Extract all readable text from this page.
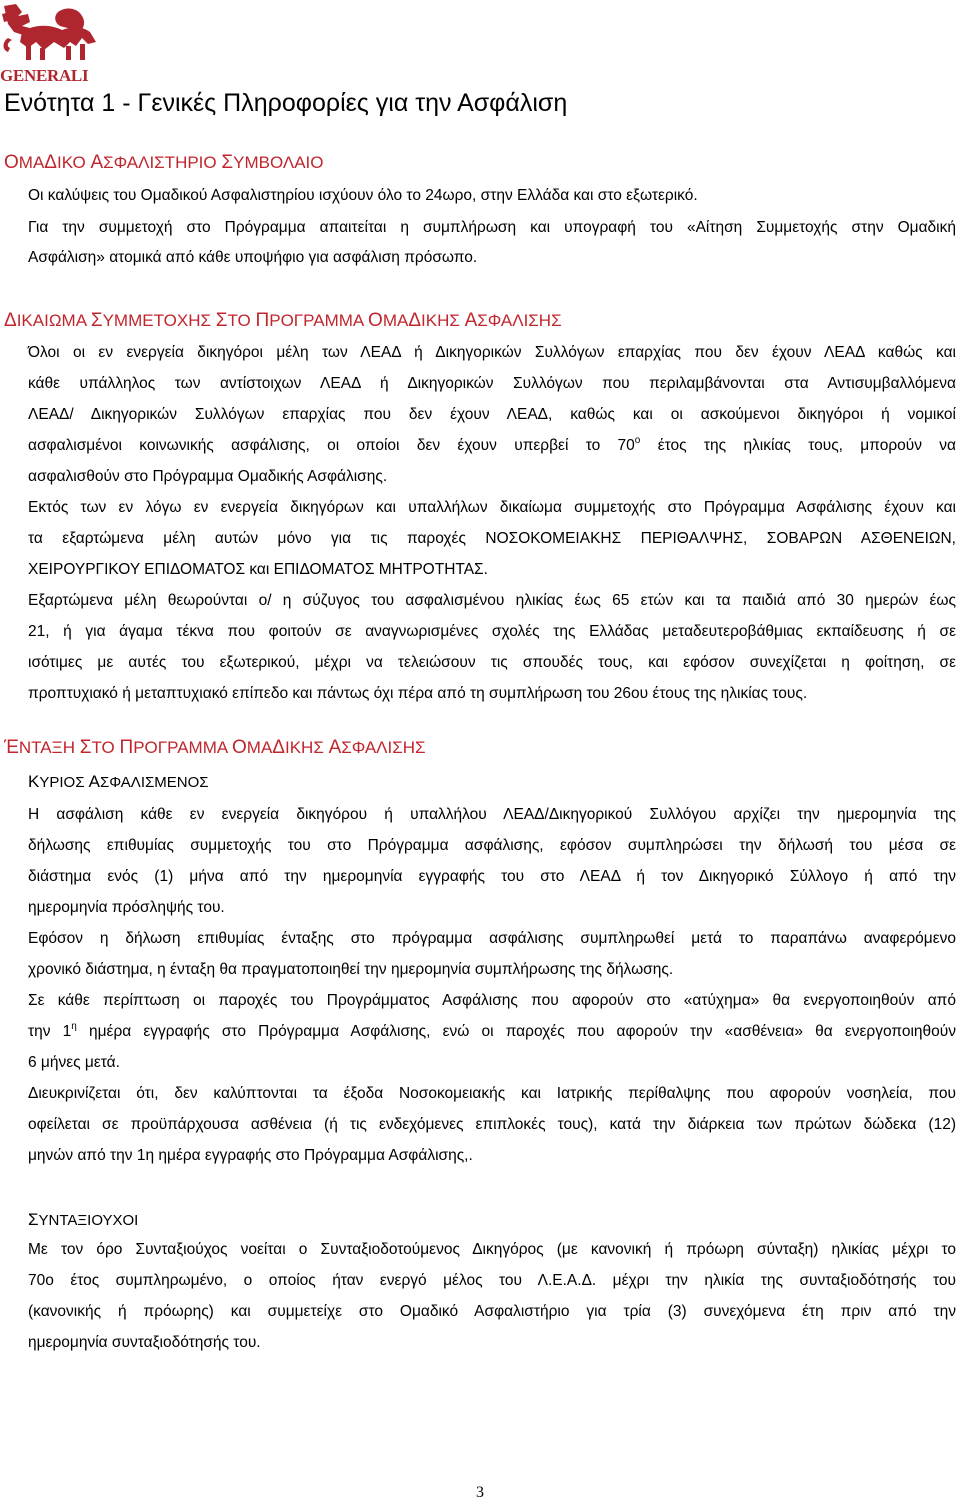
GENERALI
Ενότητα 1 - Γενικές Πληροφορίες για την Ασφάλιση
ΟΜΑΔΙΚΟ ΑΣΦΑΛΙΣΤΗΡΙΟ ΣΥΜΒΟΛΑΙΟ
Οι καλύψεις του Ομαδικού Ασφαλιστηρίου ισχύουν όλο το 24ωρο, στην Ελλάδα και στο εξωτερικό.
Για την συμμετοχή στο Πρόγραμμα απαιτείται η συμπλήρωση και υπογραφή του «Αίτηση Συμμετοχής στην Ομαδική
Ασφάλιση» ατομικά από κάθε υποψήφιο για ασφάλιση πρόσωπο.
ΔΙΚΑΙΩΜΑ ΣΥΜΜΕΤΟΧΗΣ ΣΤΟ ΠΡΟΓΡΑΜΜΑ ΟΜΑΔΙΚΗΣ ΑΣΦΑΛΙΣΗΣ
Όλοι οι εν ενεργεία δικηγόροι μέλη των ΛΕΑΔ ή Δικηγορικών Συλλόγων επαρχίας που δεν έχουν ΛΕΑΔ καθώς και
κάθε υπάλληλος των αντίστοιχων ΛΕΑΔ ή Δικηγορικών Συλλόγων που περιλαμβάνονται στα Αντισυμβαλλόμενα
ΛΕΑΔ/ Δικηγορικών Συλλόγων επαρχίας που δεν έχουν ΛΕΑΔ, καθώς και οι ασκούμενοι δικηγόροι ή νομικοί
ασφαλισμένοι κοινωνικής ασφάλισης, οι οποίοι δεν έχουν υπερβεί το $70^o$ έτος της ηλικίας τους, μπορούν να
ασφαλισθούν στο Πρόγραμμα Ομαδικής Ασφάλισης.
Εκτός των εν λόγω εν ενεργεία δικηγόρων και υπαλλήλων δικαίωμα συμμετοχής στο Πρόγραμμα Ασφάλισης έχουν και
τα εξαρτώμενα μέλη αυτών μόνο για τις παροχές ΝΟΣΟΚΟΜΕΙΑΚΗΣ ΠΕΡΙΘΑΛΨΗΣ, ΣΟΒΑΡΩΝ ΑΣΘΕΝΕΙΩΝ,
ΧΕΙΡΟΥΡΓΙΚΟΥ ΕΠΙΔΟΜΑΤΟΣ και ΕΠΙΔΟΜΑΤΟΣ ΜΗΤΡΟΤΗΤΑΣ.
Εξαρτώμενα μέλη θεωρούνται ο/ η σύζυγος του ασφαλισμένου ηλικίας έως 65 ετών και τα παιδιά από 30 ημερών έως
21, ή για άγαμα τέκνα που φοιτούν σε αναγνωρισμένες σχολές της Ελλάδας μεταδευτεροβάθμιας εκπαίδευσης ή σε
ισότιμες με αυτές του εξωτερικού, μέχρι να τελειώσουν τις σπουδές τους, και εφόσον συνεχίζεται η φοίτηση, σε
προπτυχιακό ή μεταπτυχιακό επίπεδο και πάντως όχι πέρα από τη συμπλήρωση του 26ου έτους της ηλικίας τους.
ΈΝΤΑΞΗ ΣΤΟ ΠΡΟΓΡΑΜΜΑ ΟΜΑΔΙΚΗΣ ΑΣΦΑΛΙΣΗΣ
ΚΥΡΙΟΣ ΑΣΦΑΛΙΣΜΕΝΟΣ
Η ασφάλιση κάθε εν ενεργεία δικηγόρου ή υπαλλήλου ΛΕΑΔ/Δικηγορικού Συλλόγου αρχίζει την ημερομηνία της
δήλωσης επιθυμίας συμμετοχής του στο Πρόγραμμα ασφάλισης, εφόσον συμπληρώσει την δήλωσή του μέσα σε
διάστημα ενός (1) μήνα από την ημερομηνία εγγραφής του στο ΛΕΑΔ ή τον Δικηγορικό Σύλλογο ή από την
ημερομηνία πρόσληψής του.
Εφόσον η δήλωση επιθυμίας ένταξης στο πρόγραμμα ασφάλισης συμπληρωθεί μετά το παραπάνω αναφερόμενο
χρονικό διάστημα, η ένταξη θα πραγματοποιηθεί την ημερομηνία συμπλήρωσης της δήλωσης.
Σε κάθε περίπτωση οι παροχές του Προγράμματος Ασφάλισης που αφορούν στο «ατύχημα» θα ενεργοποιηθούν από
την $1^\eta$ ημέρα εγγραφής στο Πρόγραμμα Ασφάλισης, ενώ οι παροχές που αφορούν την «ασθένεια» θα ενεργοποιηθούν
6 μήνες μετά.
Διευκρινίζεται ότι, δεν καλύπτονται τα έξοδα Νοσοκομειακής και Ιατρικής περίθαλψης που αφορούν νοσηλεία, που
οφείλεται σε προϋπάρχουσα ασθένεια (ή τις ενδεχόμενες επιπλοκές τους), κατά την διάρκεια των πρώτων δώδεκα (12)
μηνών από την 1η ημέρα εγγραφής στο Πρόγραμμα Ασφάλισης,.
ΣΥΝΤΑΞΙΟΥΧΟΙ
Με τον όρο Συνταξιούχος νοείται ο Συνταξιοδοτούμενος Δικηγόρος (με κανονική ή πρόωρη σύνταξη) ηλικίας μέχρι το
70ο έτος συμπληρωμένο, ο οποίος ήταν ενεργό μέλος του Λ.Ε.Α.Δ. μέχρι την ηλικία της συνταξιοδότησής του
(κανονικής ή πρόωρης) και συμμετείχε στο Ομαδικό Ασφαλιστήριο για τρία (3) συνεχόμενα έτη πριν από την
ημερομηνία συνταξιοδότησής του.
3
